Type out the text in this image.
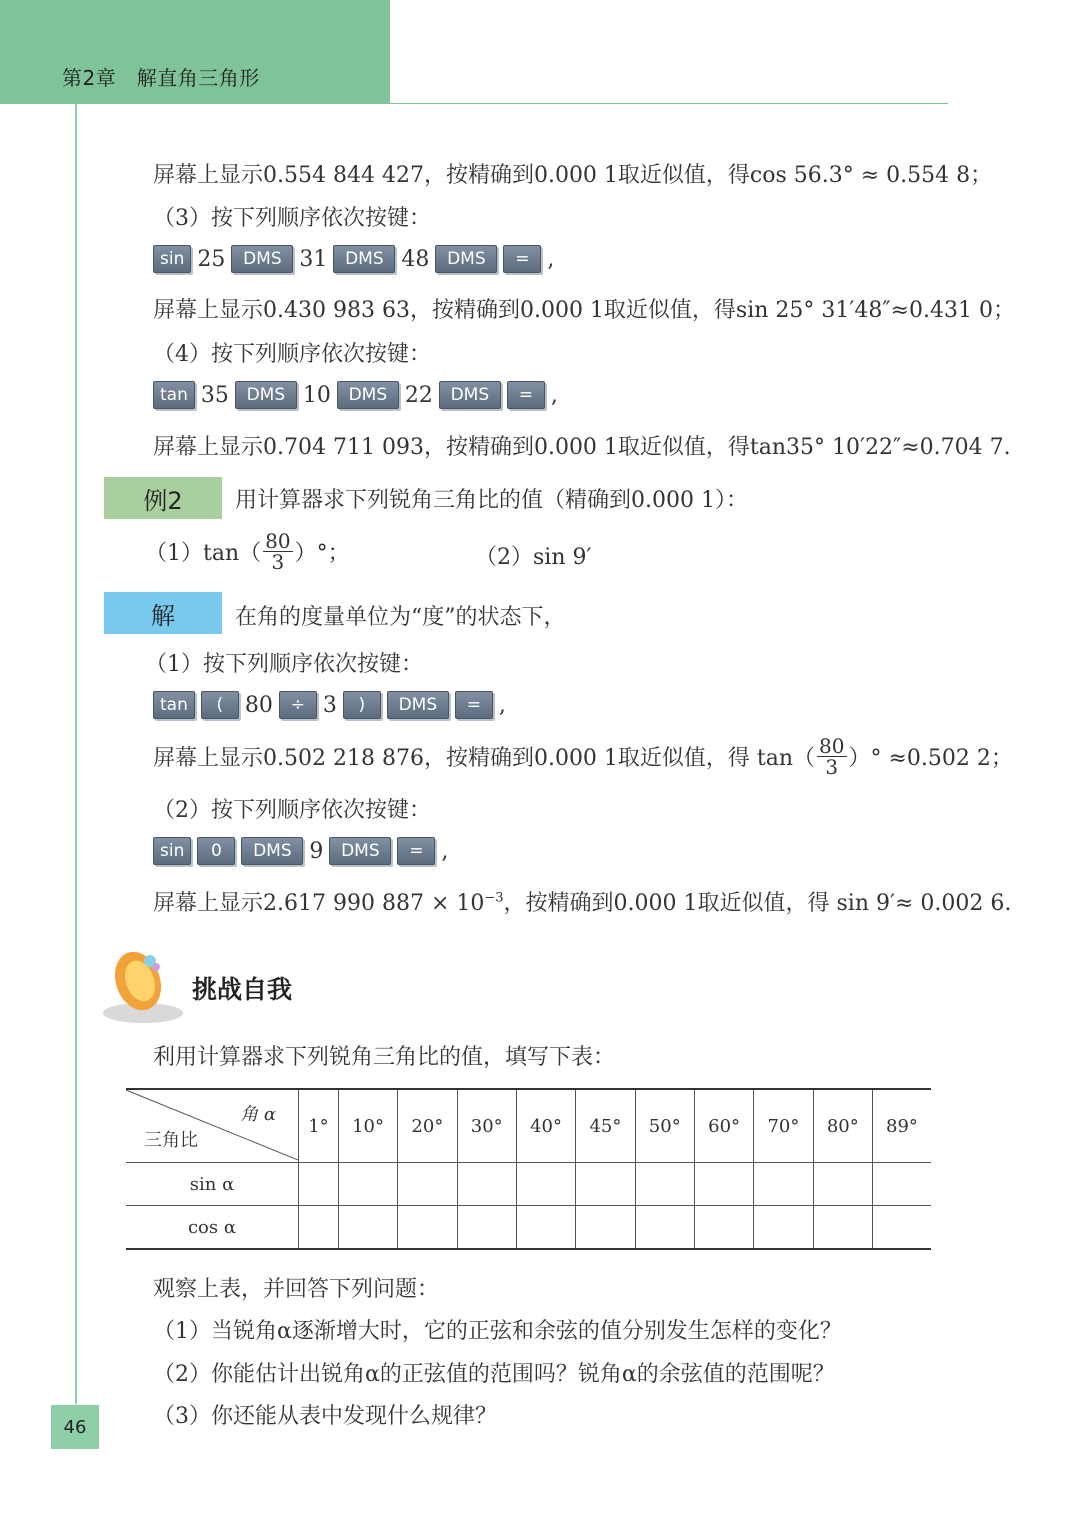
第2章   解直角三角形
屏幕上显示0.554 844 427，按精确到0.000 1取近似值，得cos 56.3° ≈ 0.554 8；
（3）按下列顺序依次按键：
sin 25	DMS 31	DMS 48	DMS	= ,
屏幕上显示0.430 983 63，按精确到0.000 1取近似值，得sin 25° 31′48″≈0.431 0；
（4）按下列顺序依次按键：
tan 35	DMS 10	DMS 22	DMS	= ,
屏幕上显示0.704 711 093，按精确到0.000 1取近似值，得tan35° 10′22″≈0.704 7.
例2	用计算器求下列锐角三角比的值（精确到0.000 1）：
$(1)\tan( \frac{80}{3}$ ）°；	（2）sin 9′
解	在角的度量单位为“度”的状态下，
（1）按下列顺序依次按键：
tan	( 80	÷ 3	)	DMS	= ,
屏幕上显示0.502 218 876，按精确到0.000 1取近似值，得 $\tan( \frac{80}{3}$ ）° ≈0.502 2；
（2）按下列顺序依次按键：
sin	0	DMS 9	DMS	= ,
屏幕上显示2.617 990 $887 \times 10^{-3}$，按精确到0.000 1取近似值，得 sin 9′≈ 0.002 6.
挑战自我
利用计算器求下列锐角三角比的值，填写下表：
角 α
三角比	1°	10°	20°	30°	40°	45°	50°	60°	70°	80°	89°
sin α											
cos α											
观察上表，并回答下列问题：
（1）当锐角α逐渐增大时，它的正弦和余弦的值分别发生怎样的变化？
（2）你能估计出锐角α的正弦值的范围吗？锐角α的余弦值的范围呢？
（3）你还能从表中发现什么规律？
46
